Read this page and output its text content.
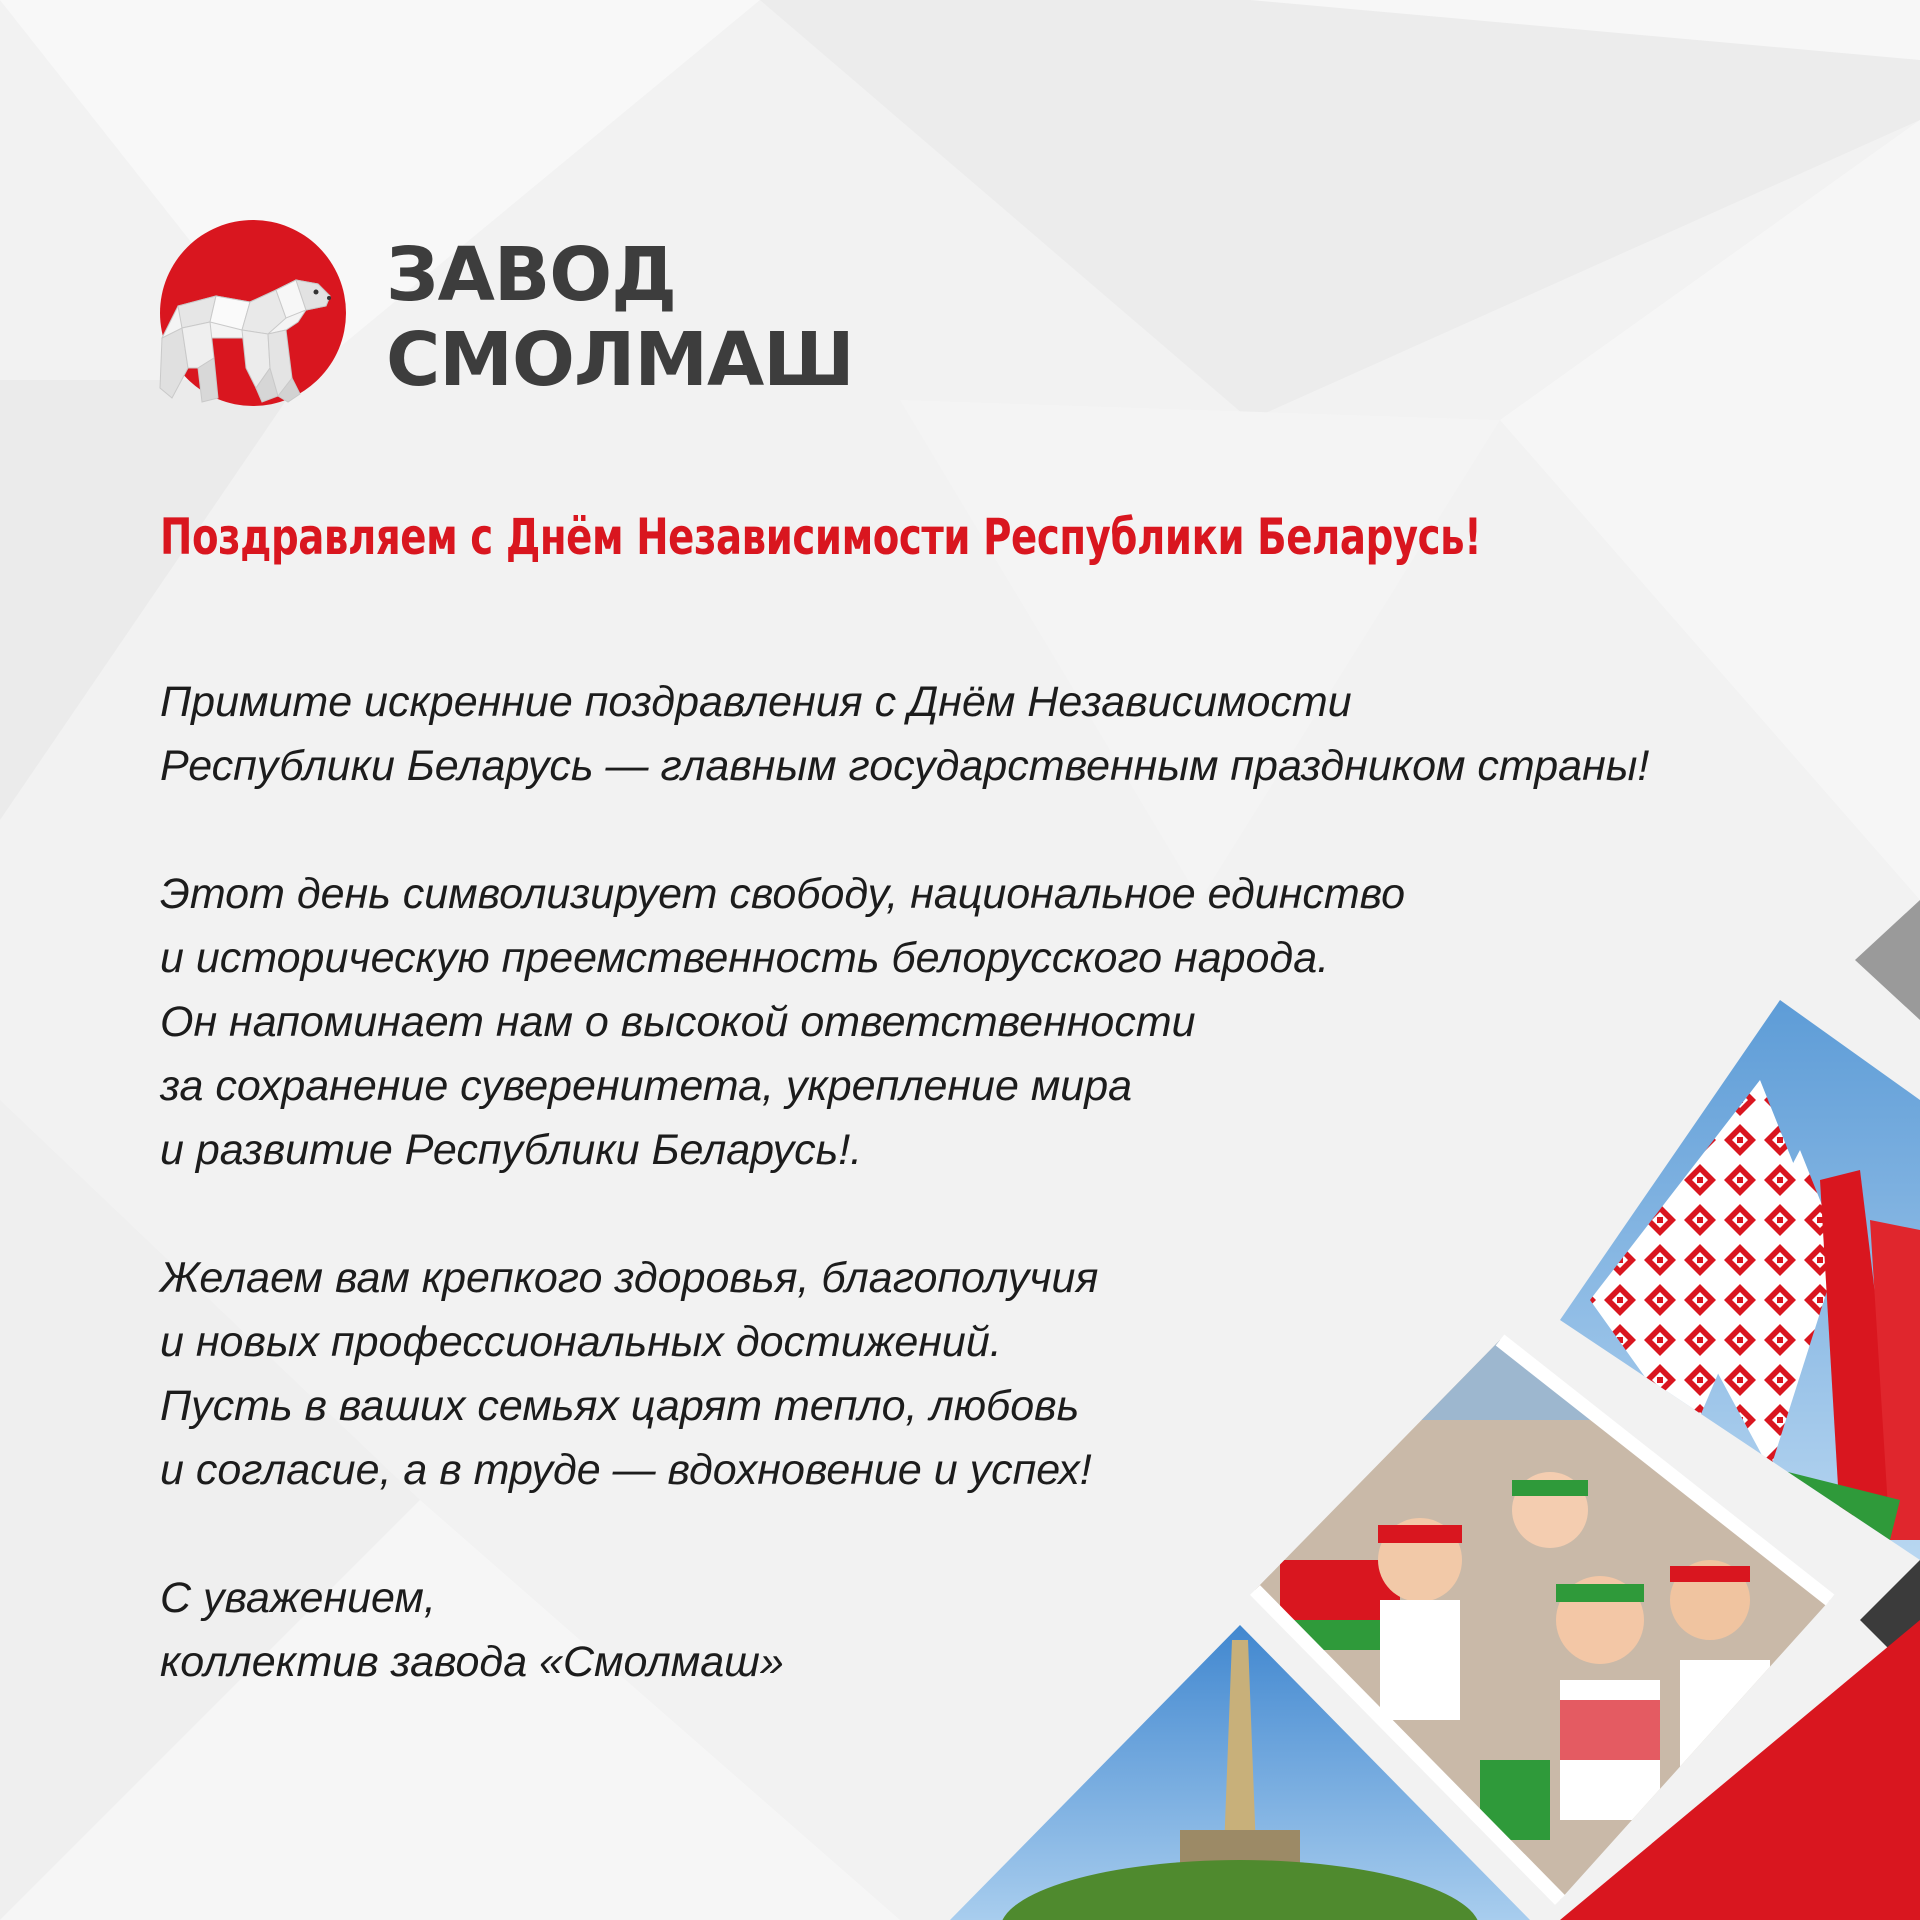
ЗАВОД
СМОЛМАШ
Поздравляем с Днём Независимости Республики Беларусь!

Примите искренние поздравления с Днём Независимости
Республики Беларусь — главным государственным праздником страны!

Этот день символизирует свободу, национальное единство
и историческую преемственность белорусского народа.
Он напоминает нам о высокой ответственности
за сохранение суверенитета, укрепление мира
и развитие Республики Беларусь!.

Желаем вам крепкого здоровья, благополучия
и новых профессиональных достижений.
Пусть в ваших семьях царят тепло, любовь
и согласие, а в труде — вдохновение и успех!

С уважением,
коллектив завода «Смолмаш»
